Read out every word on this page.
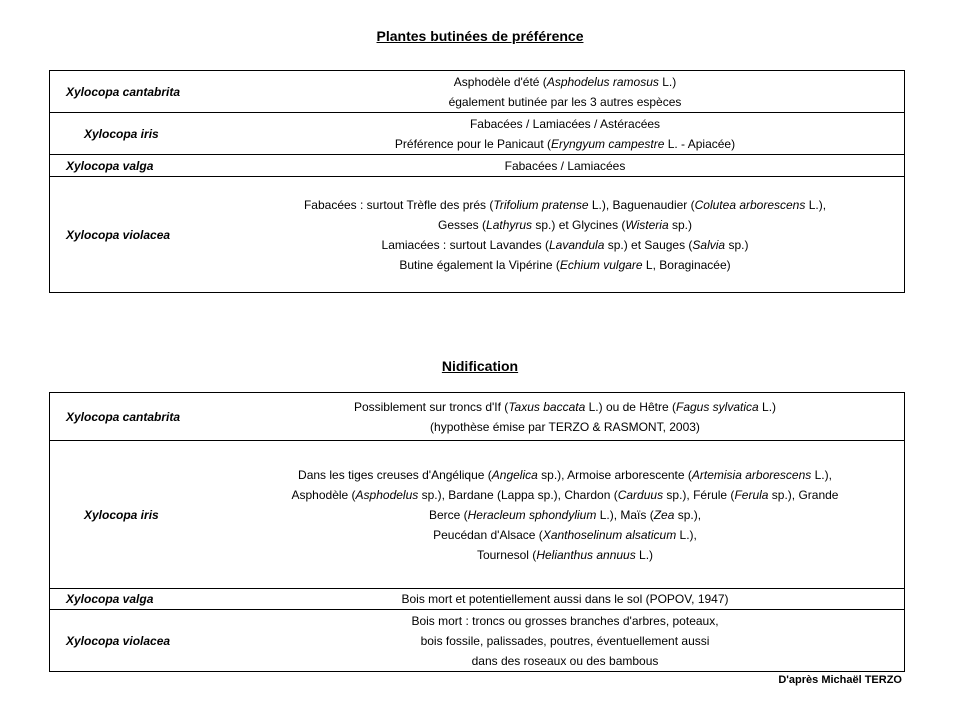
Plantes butinées de préférence
Xylocopa cantabrita	Asphodèle d'été (Asphodelus ramosus L.)
également butinée par les 3 autres espèces

Xylocopa iris	Fabacées / Lamiacées / Astéracées
Préférence pour le Panicaut (Eryngyum campestre L. - Apiacée)

Xylocopa valga	Fabacées / Lamiacées

Xylocopa violacea	Fabacées : surtout Trèfle des prés (Trifolium pratense L.), Baguenaudier (Colutea arborescens L.),
Gesses (Lathyrus sp.) et Glycines (Wisteria sp.)
Lamiacées : surtout Lavandes (Lavandula sp.) et Sauges (Salvia sp.)
Butine également la Vipérine (Echium vulgare L, Boraginacée)
Nidification
Xylocopa cantabrita	Possiblement sur troncs d'If (Taxus baccata L.) ou de Hêtre (Fagus sylvatica L.)
(hypothèse émise par TERZO & RASMONT, 2003)

Xylocopa iris	Dans les tiges creuses d'Angélique (Angelica sp.), Armoise arborescente (Artemisia arborescens L.),
Asphodèle (Asphodelus sp.), Bardane (Lappa sp.), Chardon (Carduus sp.), Férule (Ferula sp.), Grande
Berce (Heracleum sphondylium L.), Maïs (Zea sp.),
Peucédan d'Alsace (Xanthoselinum alsaticum L.),
Tournesol (Helianthus annuus L.)

Xylocopa valga	Bois mort et potentiellement aussi dans le sol (POPOV, 1947)

Xylocopa violacea	Bois mort : troncs ou grosses branches d'arbres, poteaux,
bois fossile, palissades, poutres, éventuellement aussi
dans des roseaux ou des bambous
D'après Michaël TERZO
